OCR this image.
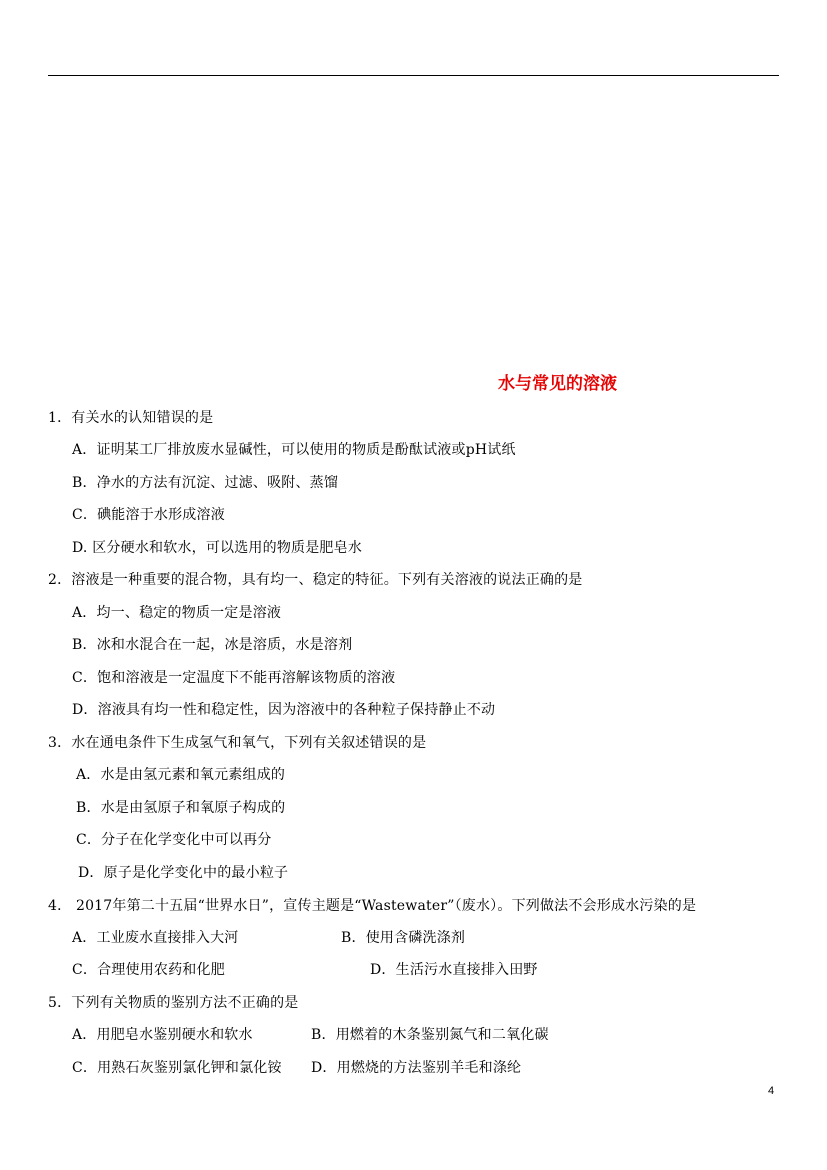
水与常见的溶液
1．有关水的认知错误的是
A．证明某工厂排放废水显碱性，可以使用的物质是酚酞试液或pH试纸
B．净水的方法有沉淀、过滤、吸附、蒸馏
C．碘能溶于水形成溶液
D. 区分硬水和软水，可以选用的物质是肥皂水
2．溶液是一种重要的混合物，具有均一、稳定的特征。下列有关溶液的说法正确的是
A．均一、稳定的物质一定是溶液
B．冰和水混合在一起，冰是溶质，水是溶剂
C．饱和溶液是一定温度下不能再溶解该物质的溶液
D．溶液具有均一性和稳定性，因为溶液中的各种粒子保持静止不动
3．水在通电条件下生成氢气和氧气，下列有关叙述错误的是
A．水是由氢元素和氧元素组成的
B．水是由氢原子和氧原子构成的
C．分子在化学变化中可以再分
D．原子是化学变化中的最小粒子
4． 2017年第二十五届“世界水日”，宣传主题是“Wastewater”（废水）。下列做法不会形成水污染的是
A．工业废水直接排入大河	B．使用含磷洗涤剂
C．合理使用农药和化肥	D．生活污水直接排入田野
5．下列有关物质的鉴别方法不正确的是
A．用肥皂水鉴别硬水和软水	B．用燃着的木条鉴别氮气和二氧化碳
C．用熟石灰鉴别氯化钾和氯化铵 D．用燃烧的方法鉴别羊毛和涤纶
4
